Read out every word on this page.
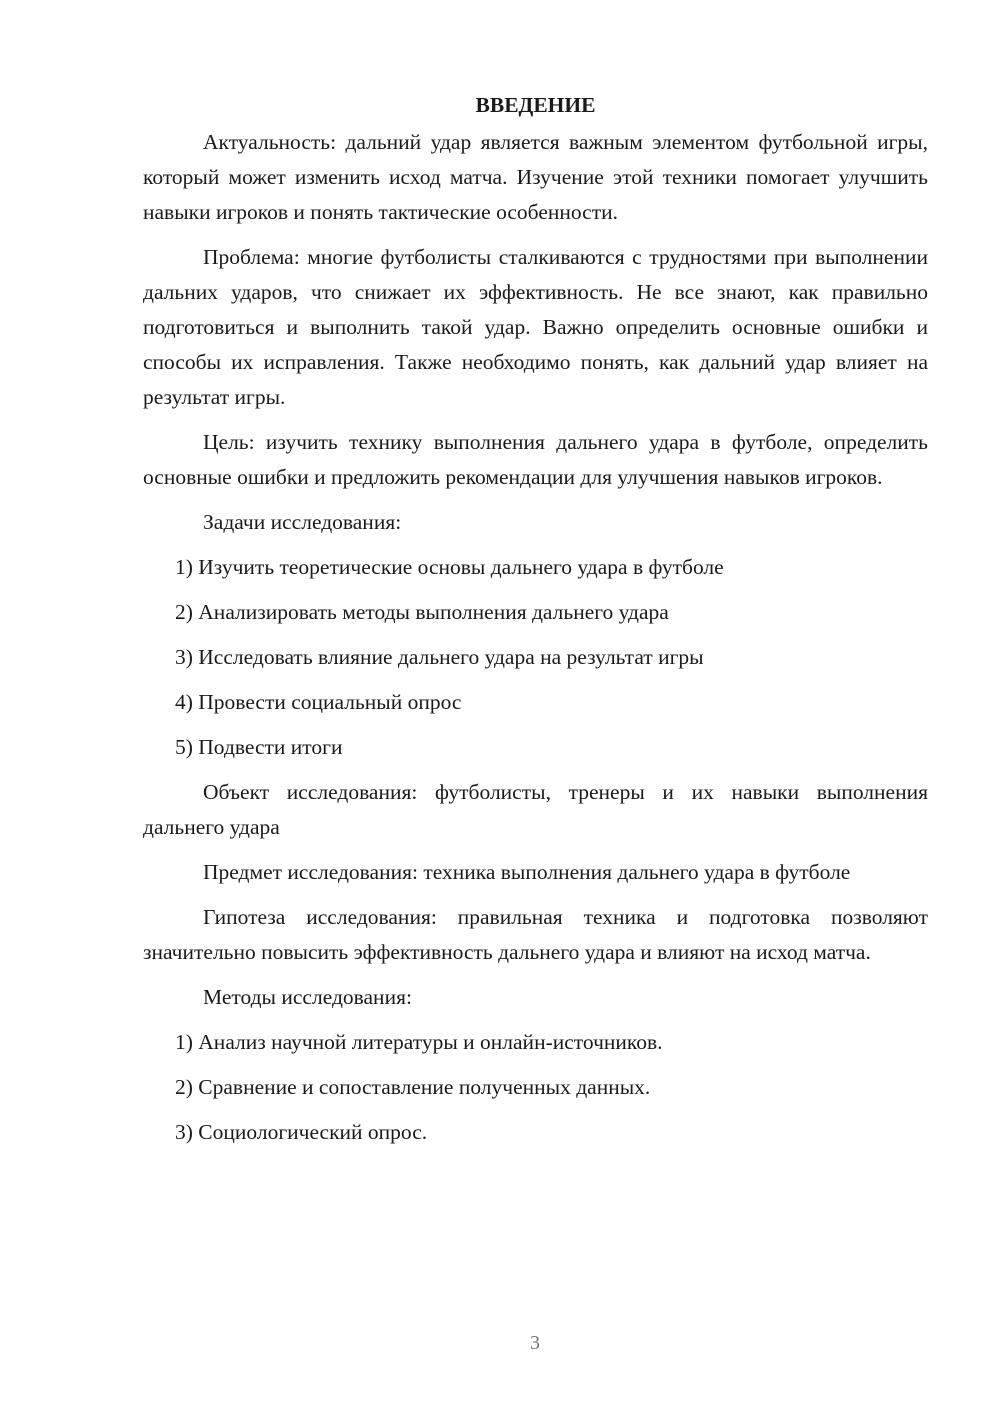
ВВЕДЕНИЕ
Актуальность: дальний удар является важным элементом футбольной игры, который может изменить исход матча. Изучение этой техники помогает улучшить навыки игроков и понять тактические особенности.
Проблема: многие футболисты сталкиваются с трудностями при выполнении дальних ударов, что снижает их эффективность. Не все знают, как правильно подготовиться и выполнить такой удар. Важно определить основные ошибки и способы их исправления. Также необходимо понять, как дальний удар влияет на результат игры.
Цель: изучить технику выполнения дальнего удара в футболе, определить основные ошибки и предложить рекомендации для улучшения навыков игроков.
Задачи исследования:
1) Изучить теоретические основы дальнего удара в футболе
2) Анализировать методы выполнения дальнего удара
3) Исследовать влияние дальнего удара на результат игры
4) Провести социальный опрос
5) Подвести итоги
Объект исследования: футболисты, тренеры и их навыки выполнения дальнего удара
Предмет исследования: техника выполнения дальнего удара в футболе
Гипотеза исследования: правильная техника и подготовка позволяют значительно повысить эффективность дальнего удара и влияют на исход матча.
Методы исследования:
1) Анализ научной литературы и онлайн-источников.
2) Сравнение и сопоставление полученных данных.
3) Социологический опрос.
3
